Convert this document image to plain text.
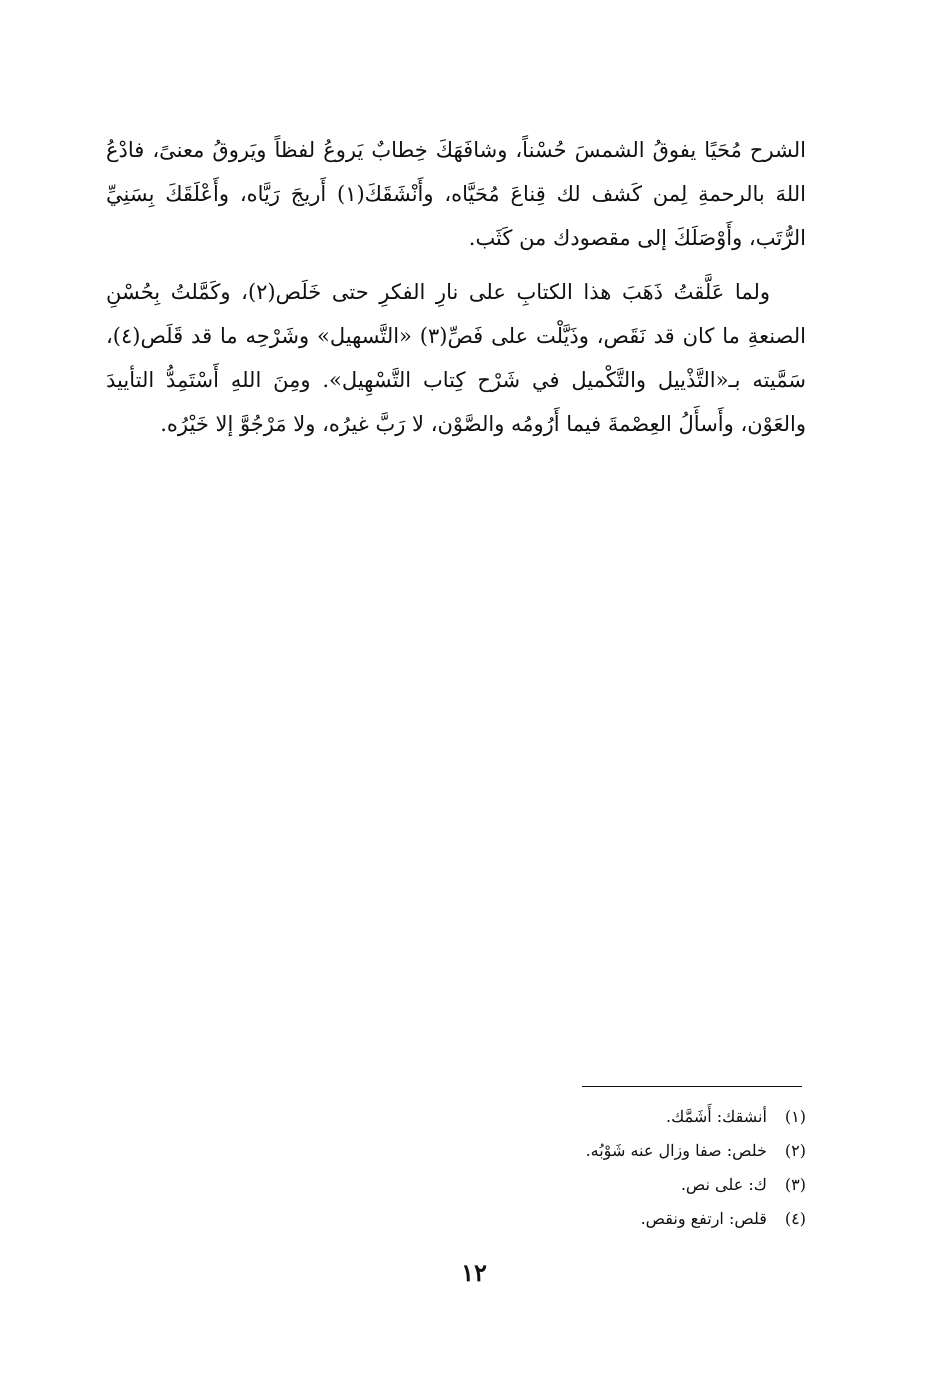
الشرح مُحَيًا يفوقُ الشمسَ حُسْناً، وشافَهَكَ خِطابٌ يَروعُ لفظاً ويَروقُ معنىً، فادْعُ اللهَ بالرحمةِ لِمن كَشف لك قِناعَ مُحَيَّاه، وأَنْشَقَكَ(١) أَريجَ رَيَّاه، وأَعْلَقَكَ بِسَنِيِّ الرُّتَب، وأَوْصَلَكَ إلى مقصودك من كَثَب.

ولما عَلَّقتُ ذَهَبَ هذا الكتابِ على نارِ الفكرِ حتى خَلَص(٢)، وكَمَّلتُ بِحُسْنِ الصنعةِ ما كان قد نَقَص، وذَيَّلْت على فَصِّ(٣) «التَّسهيل» وشَرْحِه ما قد قَلَص(٤)، سَمَّيته بـ«التَّذْييل والتَّكْميل في شَرْح كِتاب التَّسْهِيل». ومِنَ اللهِ أَسْتَمِدُّ التأييدَ والعَوْن، وأَسأَلُ العِصْمةَ فيما أَرُومُه والصَّوْن، لا رَبَّ غيرُه، ولا مَرْجُوَّ إلا خَيْرُه.

(١) أنشقك: أَشَمَّك.
(٢) خلص: صفا وزال عنه شَوْبُه.
(٣) ك: على نص.
(٤) قلص: ارتفع ونقص.
١٢
